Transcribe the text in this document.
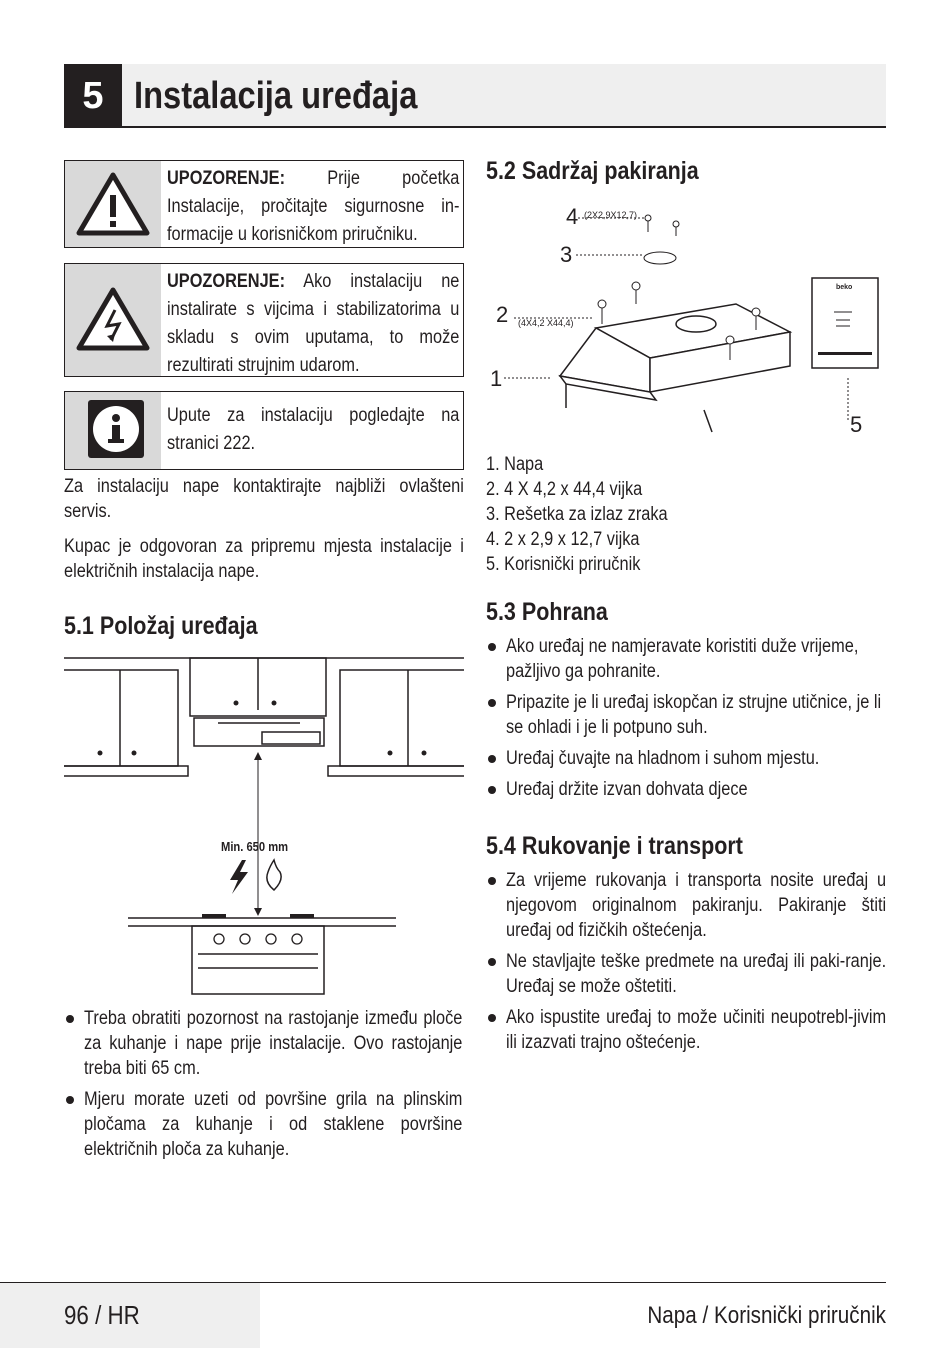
5 Instalacija uređaja
UPOZORENJE: Prije početka Instalacije, pročitajte sigurnosne in-formacije u korisničkom priručniku.
UPOZORENJE: Ako instalaciju ne instalirate s vijcima i stabilizatorima u skladu s ovim uputama, to može rezultirati strujnim udarom.
Upute za instalaciju pogledajte na stranici 222.
Za instalaciju nape kontaktirajte najbliži ovlašteni servis.
Kupac je odgovoran za pripremu mjesta instalacije i električnih instalacija nape.
5.1 Položaj uređaja
Min. 650 mm
Treba obratiti pozornost na rastojanje između ploče za kuhanje i nape prije instalacije. Ovo rastojanje treba biti 65 cm.
Mjeru morate uzeti od površine grila na plinskim pločama za kuhanje i od staklene površine električnih ploča za kuhanje.
5.2 Sadržaj pakiranja
4 (2X2,9X12,7)
3
2 (4X4,2 X44,4)
1
5
beko
1. Napa
2. 4 X 4,2 x 44,4 vijka
3. Rešetka za izlaz zraka
4. 2 x 2,9 x 12,7 vijka
5. Korisnički priručnik
5.3 Pohrana
Ako uređaj ne namjeravate koristiti duže vrijeme, pažljivo ga pohranite.
Pripazite je li uređaj iskopčan iz strujne utičnice, je li se ohladi i je li potpuno suh.
Uređaj čuvajte na hladnom i suhom mjestu.
Uređaj držite izvan dohvata djece
5.4 Rukovanje i transport
Za vrijeme rukovanja i transporta nosite uređaj u njegovom originalnom pakiranju. Pakiranje štiti uređaj od fizičkih oštećenja.
Ne stavljajte teške predmete na uređaj ili paki-ranje. Uređaj se može oštetiti.
Ako ispustite uređaj to može učiniti neupotrebl-jivim ili izazvati trajno oštećenje.
96 / HR	Napa / Korisnički priručnik
